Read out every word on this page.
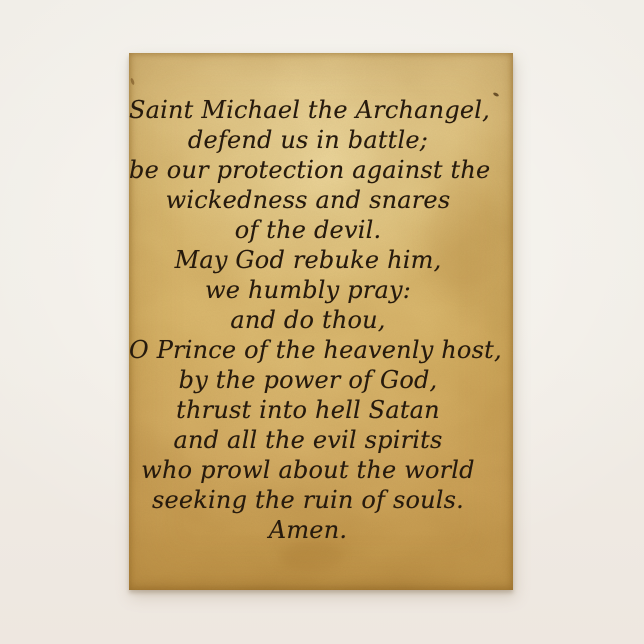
Saint Michael the Archangel,
defend us in battle;
be our protection against the
wickedness and snares
of the devil.
May God rebuke him,
we humbly pray:
and do thou,
O Prince of the heavenly host,
by the power of God,
thrust into hell Satan
and all the evil spirits
who prowl about the world
seeking the ruin of souls.
Amen.
